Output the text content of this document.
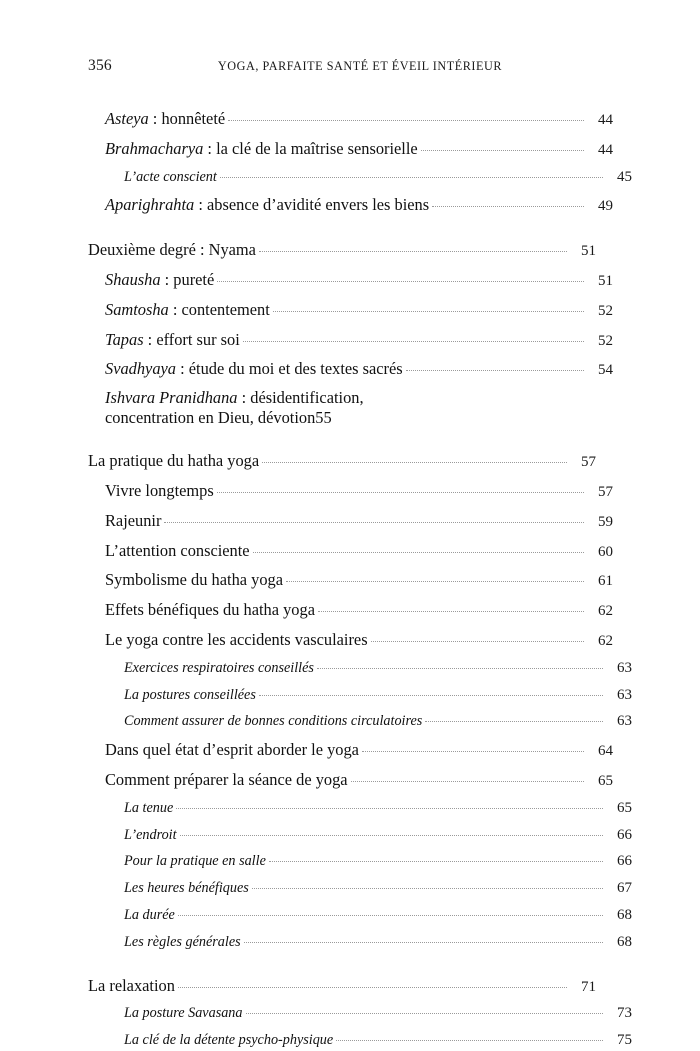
356	YOGA, PARFAITE SANTÉ ET ÉVEIL INTÉRIEUR
Asteya : honnêteté	44
Brahmacharya : la clé de la maîtrise sensorielle	44
L’acte conscient	45
Aparighrahta : absence d’avidité envers les biens	49
Deuxième degré : Nyama	51
Shausha : pureté	51
Samtosha : contentement	52
Tapas : effort sur soi	52
Svadhyaya : étude du moi et des textes sacrés	54
Ishvara Pranidhana : désidentification,
concentration en Dieu, dévotion 55
La pratique du hatha yoga	57
Vivre longtemps	57
Rajeunir	59
L’attention consciente	60
Symbolisme du hatha yoga	61
Effets bénéfiques du hatha yoga	62
Le yoga contre les accidents vasculaires	62
Exercices respiratoires conseillés	63
La postures conseillées	63
Comment assurer de bonnes conditions circulatoires	63
Dans quel état d’esprit aborder le yoga	64
Comment préparer la séance de yoga	65
La tenue	65
L’endroit	66
Pour la pratique en salle	66
Les heures bénéfiques	67
La durée	68
Les règles générales	68
La relaxation	71
La posture Savasana	73
La clé de la détente psycho-physique	75
